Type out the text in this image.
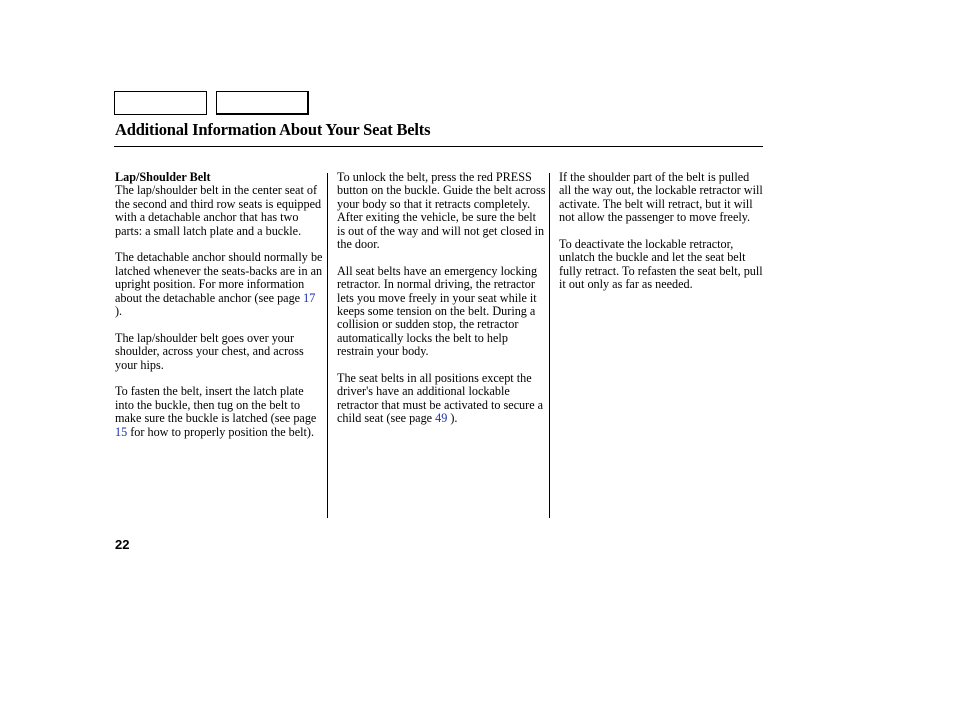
Additional Information About Your Seat Belts

Lap/Shoulder Belt
The lap/shoulder belt in the center seat of the second and third row seats is equipped with a detachable anchor that has two parts: a small latch plate and a buckle.

The detachable anchor should normally be latched whenever the seats-backs are in an upright position. For more information about the detachable anchor (see page 17 ).

The lap/shoulder belt goes over your shoulder, across your chest, and across your hips.

To fasten the belt, insert the latch plate into the buckle, then tug on the belt to make sure the buckle is latched (see page 15 for how to properly position the belt).

To unlock the belt, press the red PRESS button on the buckle. Guide the belt across your body so that it retracts completely. After exiting the vehicle, be sure the belt is out of the way and will not get closed in the door.

All seat belts have an emergency locking retractor. In normal driving, the retractor lets you move freely in your seat while it keeps some tension on the belt. During a collision or sudden stop, the retractor automatically locks the belt to help restrain your body.

The seat belts in all positions except the driver's have an additional lockable retractor that must be activated to secure a child seat (see page 49 ).

If the shoulder part of the belt is pulled all the way out, the lockable retractor will activate. The belt will retract, but it will not allow the passenger to move freely.

To deactivate the lockable retractor, unlatch the buckle and let the seat belt fully retract. To refasten the seat belt, pull it out only as far as needed.

22
